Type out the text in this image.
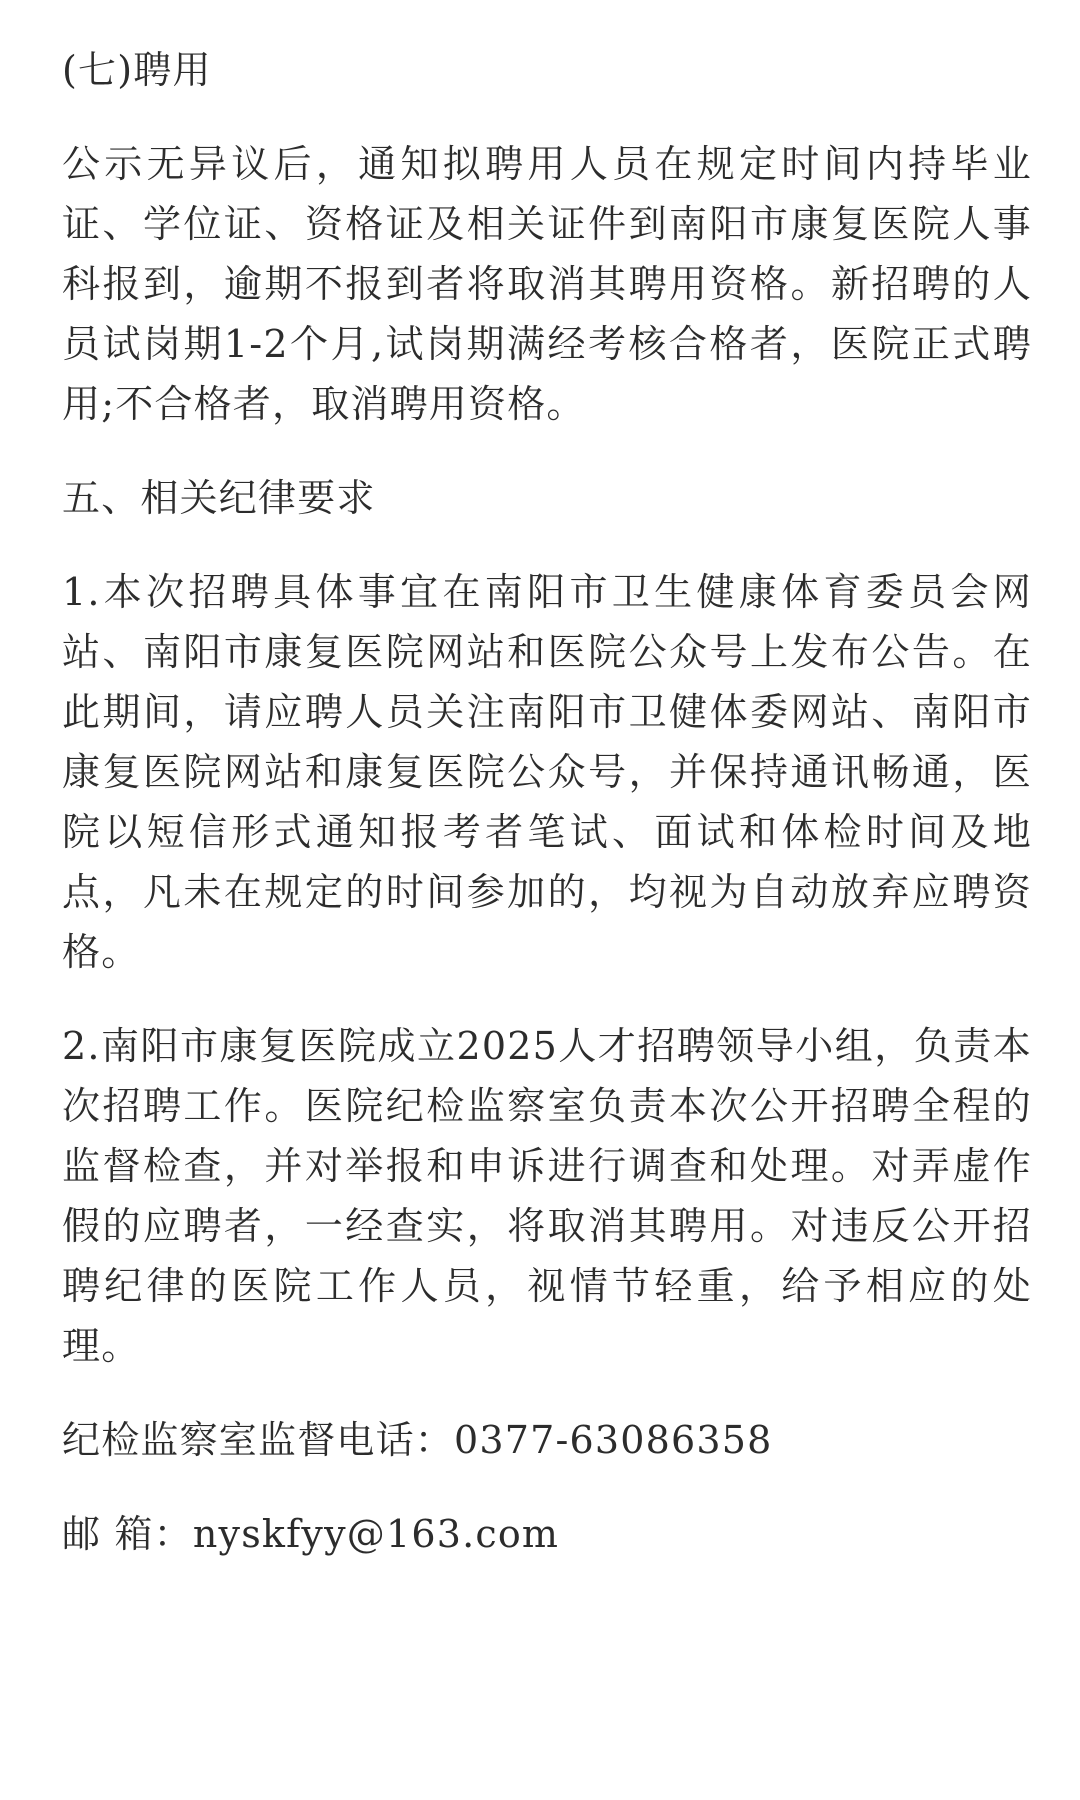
(七)聘用

公示无异议后，通知拟聘用人员在规定时间内持毕业证、学位证、资格证及相关证件到南阳市康复医院人事科报到，逾期不报到者将取消其聘用资格。新招聘的人员试岗期1-2个月,试岗期满经考核合格者，医院正式聘用;不合格者，取消聘用资格。

五、相关纪律要求

1.本次招聘具体事宜在南阳市卫生健康体育委员会网站、南阳市康复医院网站和医院公众号上发布公告。在此期间，请应聘人员关注南阳市卫健体委网站、南阳市康复医院网站和康复医院公众号，并保持通讯畅通，医院以短信形式通知报考者笔试、面试和体检时间及地点，凡未在规定的时间参加的，均视为自动放弃应聘资格。

2.南阳市康复医院成立2025人才招聘领导小组，负责本次招聘工作。医院纪检监察室负责本次公开招聘全程的监督检查，并对举报和申诉进行调查和处理。对弄虚作假的应聘者，一经查实，将取消其聘用。对违反公开招聘纪律的医院工作人员，视情节轻重，给予相应的处理。

纪检监察室监督电话：0377-63086358

邮 箱：nyskfyy@163.com
